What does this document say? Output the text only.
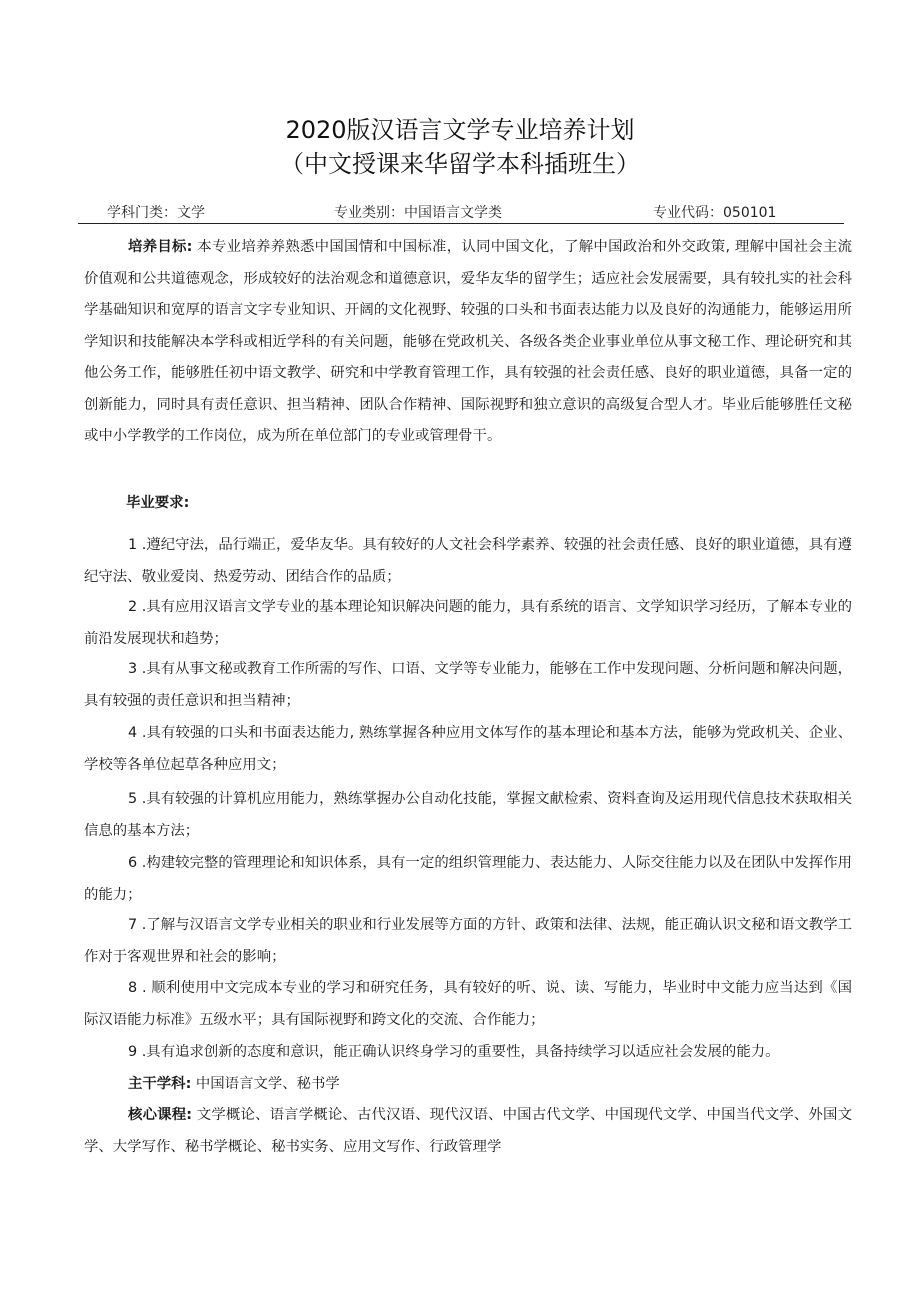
2020版汉语言文学专业培养计划
（中文授课来华留学本科插班生）
学科门类：文学	专业类别：中国语言文学类	专业代码：050101

培养目标: 本专业培养养熟悉中国国情和中国标准，认同中国文化，了解中国政治和外交政策, 理解中国社会主流价值观和公共道德观念，形成较好的法治观念和道德意识，爱华友华的留学生；适应社会发展需要，具有较扎实的社会科学基础知识和宽厚的语言文字专业知识、开阔的文化视野、较强的口头和书面表达能力以及良好的沟通能力，能够运用所学知识和技能解决本学科或相近学科的有关问题，能够在党政机关、各级各类企业事业单位从事文秘工作、理论研究和其他公务工作，能够胜任初中语文教学、研究和中学教育管理工作，具有较强的社会责任感、良好的职业道德，具备一定的创新能力，同时具有责任意识、担当精神、团队合作精神、国际视野和独立意识的高级复合型人才。毕业后能够胜任文秘或中小学教学的工作岗位，成为所在单位部门的专业或管理骨干。

毕业要求:

1 .遵纪守法，品行端正，爱华友华。具有较好的人文社会科学素养、较强的社会责任感、良好的职业道德，具有遵纪守法、敬业爱岗、热爱劳动、团结合作的品质；

2 .具有应用汉语言文学专业的基本理论知识解决问题的能力，具有系统的语言、文学知识学习经历，了解本专业的前沿发展现状和趋势；

3 .具有从事文秘或教育工作所需的写作、口语、文学等专业能力，能够在工作中发现问题、分析问题和解决问题，具有较强的责任意识和担当精神；

4 .具有较强的口头和书面表达能力, 熟练掌握各种应用文体写作的基本理论和基本方法，能够为党政机关、企业、学校等各单位起草各种应用文；

5 .具有较强的计算机应用能力，熟练掌握办公自动化技能，掌握文献检索、资料查询及运用现代信息技术获取相关信息的基本方法；

6 .构建较完整的管理理论和知识体系，具有一定的组织管理能力、表达能力、人际交往能力以及在团队中发挥作用的能力；

7 .了解与汉语言文学专业相关的职业和行业发展等方面的方针、政策和法律、法规，能正确认识文秘和语文教学工作对于客观世界和社会的影响；

8 . 顺利使用中文完成本专业的学习和研究任务，具有较好的听、说、读、写能力，毕业时中文能力应当达到《国际汉语能力标准》五级水平；具有国际视野和跨文化的交流、合作能力；

9 .具有追求创新的态度和意识，能正确认识终身学习的重要性，具备持续学习以适应社会发展的能力。

主干学科: 中国语言文学、秘书学

核心课程: 文学概论、语言学概论、古代汉语、现代汉语、中国古代文学、中国现代文学、中国当代文学、外国文学、大学写作、秘书学概论、秘书实务、应用文写作、行政管理学
